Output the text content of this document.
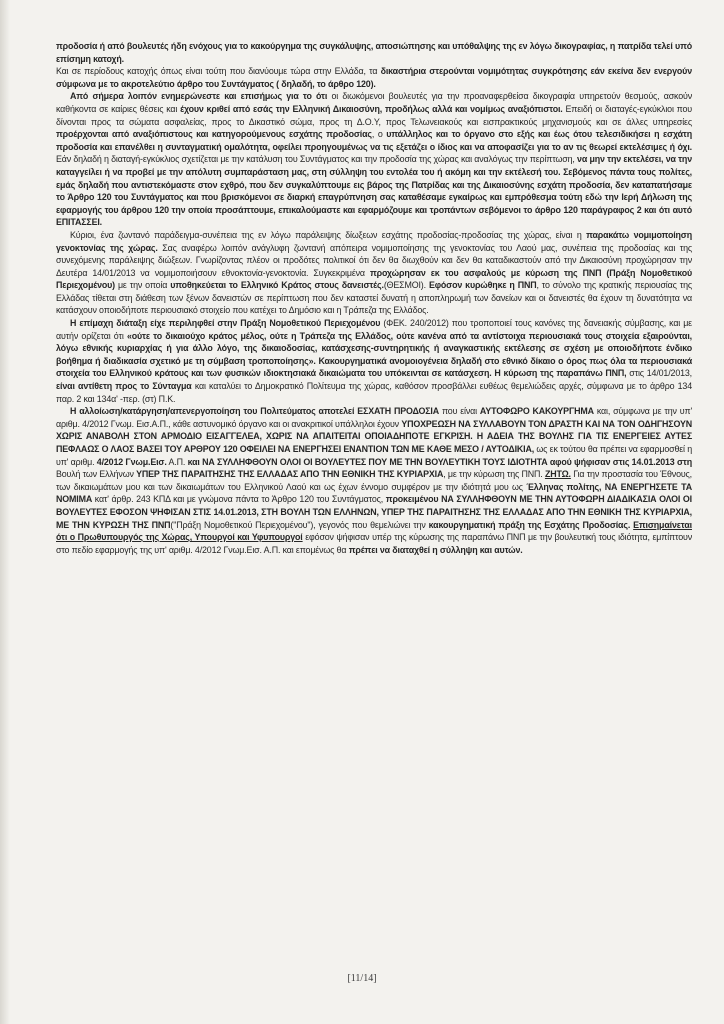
προδοσία ή από βουλευτές ήδη ενόχους για το κακούργημα της συγκάλυψης, αποσιώπησης και υπόθαλψης της εν λόγω δικογραφίας, η πατρίδα τελεί υπό επίσημη κατοχή.

Και σε περίοδους κατοχής όπως είναι τούτη που διανύουμε τώρα στην Ελλάδα, τα δικαστήρια στερούνται νομιμότητας συγκρότησης εάν εκείνα δεν ενεργούν σύμφωνα με το ακροτελεύτιο άρθρο του Συντάγματος ( δηλαδή, το άρθρο 120).

Από σήμερα λοιπόν ενημερώνεστε και επισήμως για το ότι οι διωκόμενοι βουλευτές για την προαναφερθείσα δικογραφία υπηρετούν θεσμούς, ασκούν καθήκοντα σε καίριες θέσεις και έχουν κριθεί από εσάς την Ελληνική Δικαιοσύνη, προδήλως αλλά και νομίμως αναξιόπιστοι. Επειδή οι διαταγές-εγκύκλιοι που δίνονται προς τα σώματα ασφαλείας, προς το Δικαστικό σώμα, προς τη Δ.Ο.Υ, προς Τελωνειακούς και εισπρακτικούς μηχανισμούς και σε άλλες υπηρεσίες προέρχονται από αναξιόπιστους και κατηγορούμενους εσχάτης προδοσίας, ο υπάλληλος και το όργανο στο εξής και έως ότου τελεσιδικήσει η εσχάτη προδοσία και επανέλθει η συνταγματική ομαλότητα, οφείλει προηγουμένως να τις εξετάζει ο ίδιος και να αποφασίζει για το αν τις θεωρεί εκτελέσιμες ή όχι. Εάν δηλαδή η διαταγή-εγκύκλιος σχετίζεται με την κατάλυση του Συντάγματος και την προδοσία της χώρας και αναλόγως την περίπτωση, να μην την εκτελέσει, να την καταγγείλει ή να προβεί με την απόλυτη συμπαράσταση μας, στη σύλληψη του εντολέα του ή ακόμη και την εκτέλεσή του. Σεβόμενος πάντα τους πολίτες, εμάς δηλαδή που αντιστεκόμαστε στον εχθρό, που δεν συγκαλύπτουμε εις βάρος της Πατρίδας και της Δικαιοσύνης εσχάτη προδοσία, δεν καταπατήσαμε το Άρθρο 120 του Συντάγματος και που βρισκόμενοι σε διαρκή επαγρύπνηση σας καταθέσαμε εγκαίρως και εμπρόθεσμα τούτη εδώ την Ιερή Δήλωση της εφαρμογής του άρθρου 120 την οποία προσάπτουμε, επικαλούμαστε και εφαρμόζουμε και τροπάντων σεβόμενοι το άρθρο 120 παράγραφος 2 και ότι αυτό ΕΠΙΤΑΣΣΕΙ.

Κύριοι, ένα ζωντανό παράδειγμα-συνέπεια της εν λόγω παράλειψης δίωξεων εσχάτης προδοσίας-προδοσίας της χώρας, είναι η παρακάτω νομιμοποίηση γενοκτονίας της χώρας. Σας αναφέρω λοιπόν ανάγλυφη ζωντανή απόπειρα νομιμοποίησης της γενοκτονίας του Λαού μας, συνέπεια της προδοσίας και της συνεχόμενης παράλειψης διώξεων. Γνωρίζοντας πλέον οι προδότες πολιτικοί ότι δεν θα διωχθούν και δεν θα καταδικαστούν από την Δικαιοσύνη προχώρησαν την Δευτέρα 14/01/2013 να νομιμοποιήσουν εθνοκτονία-γενοκτονία. Συγκεκριμένα προχώρησαν εκ του ασφαλούς με κύρωση της ΠΝΠ (Πράξη Νομοθετικού Περιεχομένου) με την οποία υποθηκεύεται το Ελληνικό Κράτος στους δανειστές.(ΘΕΣΜΟΙ). Εφόσον κυρώθηκε η ΠΝΠ, το σύνολο της κρατικής περιουσίας της Ελλάδας τίθεται στη διάθεση των ξένων δανειστών σε περίπτωση που δεν καταστεί δυνατή η αποπληρωμή των δανείων και οι δανειστές θα έχουν τη δυνατότητα να κατάσχουν οποιοδήποτε περιουσιακό στοιχείο που κατέχει το Δημόσιο και η Τράπεζα της Ελλάδος.

Η επίμαχη διάταξη είχε περιληφθεί στην Πράξη Νομοθετικού Περιεχομένου (ΦΕΚ. 240/2012) που τροποποιεί τους κανόνες της δανειακής σύμβασης, και με αυτήν ορίζεται ότι «ούτε το δικαιούχο κράτος μέλος, ούτε η Τράπεζα της Ελλάδος, ούτε κανένα από τα αντίστοιχα περιουσιακά τους στοιχεία εξαιρούνται, λόγω εθνικής κυριαρχίας ή για άλλο λόγο, της δικαιοδοσίας, κατάσχεσης-συντηρητικής ή αναγκαστικής εκτέλεσης σε σχέση με οποιοδήποτε ένδικο βοήθημα ή διαδικασία σχετικό με τη σύμβαση τροποποίησης». Κακουργηματικά ανομοιογένεια δηλαδή στο εθνικό δίκαιο ο όρος πως όλα τα περιουσιακά στοιχεία του Ελληνικού κράτους και των φυσικών ιδιοκτησιακά δικαιώματα του υπόκεινται σε κατάσχεση. Η κύρωση της παραπάνω ΠΝΠ, στις 14/01/2013, είναι αντίθετη προς το Σύνταγμα και καταλύει το Δημοκρατικό Πολίτευμα της χώρας, καθόσον προσβάλλει ευθέως θεμελιώδεις αρχές, σύμφωνα με το άρθρο 134 παρ. 2 και 134α' -περ. (στ) Π.Κ.

Η αλλοίωση/κατάργηση/απενεργοποίηση του Πολιτεύματος αποτελεί ΕΣΧΑΤΗ ΠΡΟΔΟΣΙΑ που είναι ΑΥΤΟΦΩΡΟ ΚΑΚΟΥΡΓΗΜΑ και, σύμφωνα με την υπ' αριθμ. 4/2012 Γνωμ. Εισ.Α.Π., κάθε αστυνομικό όργανο και οι ανακριτικοί υπάλληλοι έχουν ΥΠΟΧΡΕΩΣΗ ΝΑ ΣΥΛΛΑΒΟΥΝ ΤΟΝ ΔΡΑΣΤΗ ΚΑΙ ΝΑ ΤΟΝ ΟΔΗΓΗΣΟΥΝ ΧΩΡΙΣ ΑΝΑΒΟΛΗ ΣΤΟΝ ΑΡΜΟΔΙΟ ΕΙΣΑΓΓΕΛΕΑ, ΧΩΡΙΣ ΝΑ ΑΠΑΙΤΕΙΤΑΙ ΟΠΟΙΑΔΗΠΟΤΕ ΕΓΚΡΙΣΗ. Η ΑΔΕΙΑ ΤΗΣ ΒΟΥΛΗΣ ΓΙΑ ΤΙΣ ΕΝΕΡΓΕΙΕΣ ΑΥΤΕΣ ΠΕΦΛΑΩΣ Ο ΛΑΟΣ ΒΑΣΕΙ ΤΟΥ ΑΡΘΡΟΥ 120 ΟΦΕΙΛΕΙ ΝΑ ΕΝΕΡΓΗΣΕΙ ΕΝΑΝΤΙΟΝ ΤΩΝ ΜΕ ΚΑΘΕ ΜΕΣΟ / ΑΥΤΟΔΙΚΙΑ, ως εκ τούτου θα πρέπει να εφαρμοσθεί η υπ' αριθμ. 4/2012 Γνωμ.Εισ. Α.Π. και ΝΑ ΣΥΛΛΗΦΘΟΥΝ ΟΛΟΙ ΟΙ ΒΟΥΛΕΥΤΕΣ ΠΟΥ ΜΕ ΤΗΝ ΒΟΥΛΕΥΤΙΚΗ ΤΟΥΣ ΙΔΙΟΤΗΤΑ αφού ψήφισαν στις 14.01.2013 στη Βουλή των Ελλήνων ΥΠΕΡ ΤΗΣ ΠΑΡΑΙΤΗΣΗΣ ΤΗΣ ΕΛΛΑΔΑΣ ΑΠΟ ΤΗΝ ΕΘΝΙΚΗ ΤΗΣ ΚΥΡΙΑΡΧΙΑ, με την κύρωση της ΠΝΠ. ΖΗΤΩ. Για την προστασία του Έθνους, των δικαιωμάτων μου και των δικαιωμάτων του Ελληνικού Λαού και ως έχων έννομο συμφέρον με την ιδιότητά μου ως Έλληνας πολίτης, ΝΑ ΕΝΕΡΓΗΣΕΤΕ ΤΑ ΝΟΜΙΜΑ κατ' άρθρ. 243 ΚΠΔ και με γνώμονα πάντα το Άρθρο 120 του Συντάγματος, προκειμένου ΝΑ ΣΥΛΛΗΦΘΟΥΝ ΜΕ ΤΗΝ ΑΥΤΟΦΩΡΗ ΔΙΑΔΙΚΑΣΙΑ ΟΛΟΙ ΟΙ ΒΟΥΛΕΥΤΕΣ ΕΦΟΣΟΝ ΨΗΦΙΣΑΝ ΣΤΙΣ 14.01.2013, ΣΤΗ ΒΟΥΛΗ ΤΩΝ ΕΛΛΗΝΩΝ, ΥΠΕΡ ΤΗΣ ΠΑΡΑΙΤΗΣΗΣ ΤΗΣ ΕΛΛΑΔΑΣ ΑΠΟ ΤΗΝ ΕΘΝΙΚΗ ΤΗΣ ΚΥΡΙΑΡΧΙΑ, ΜΕ ΤΗΝ ΚΥΡΩΣΗ ΤΗΣ ΠΝΠ("Πράξη Νομοθετικού Περιεχομένου"), γεγονός που θεμελιώνει την κακουργηματική πράξη της Εσχάτης Προδοσίας. Επισημαίνεται ότι ο Πρωθυπουργός της Χώρας, Υπουργοί και Υφυπουργοί εφόσον ψήφισαν υπέρ της κύρωσης της παραπάνω ΠΝΠ με την βουλευτική τους ιδιότητα, εμπίπτουν στο πεδίο εφαρμογής της υπ' αριθμ. 4/2012 Γνωμ.Εισ. Α.Π. και επομένως θα πρέπει να διαταχθεί η σύλληψη και αυτών.

[11/14]
